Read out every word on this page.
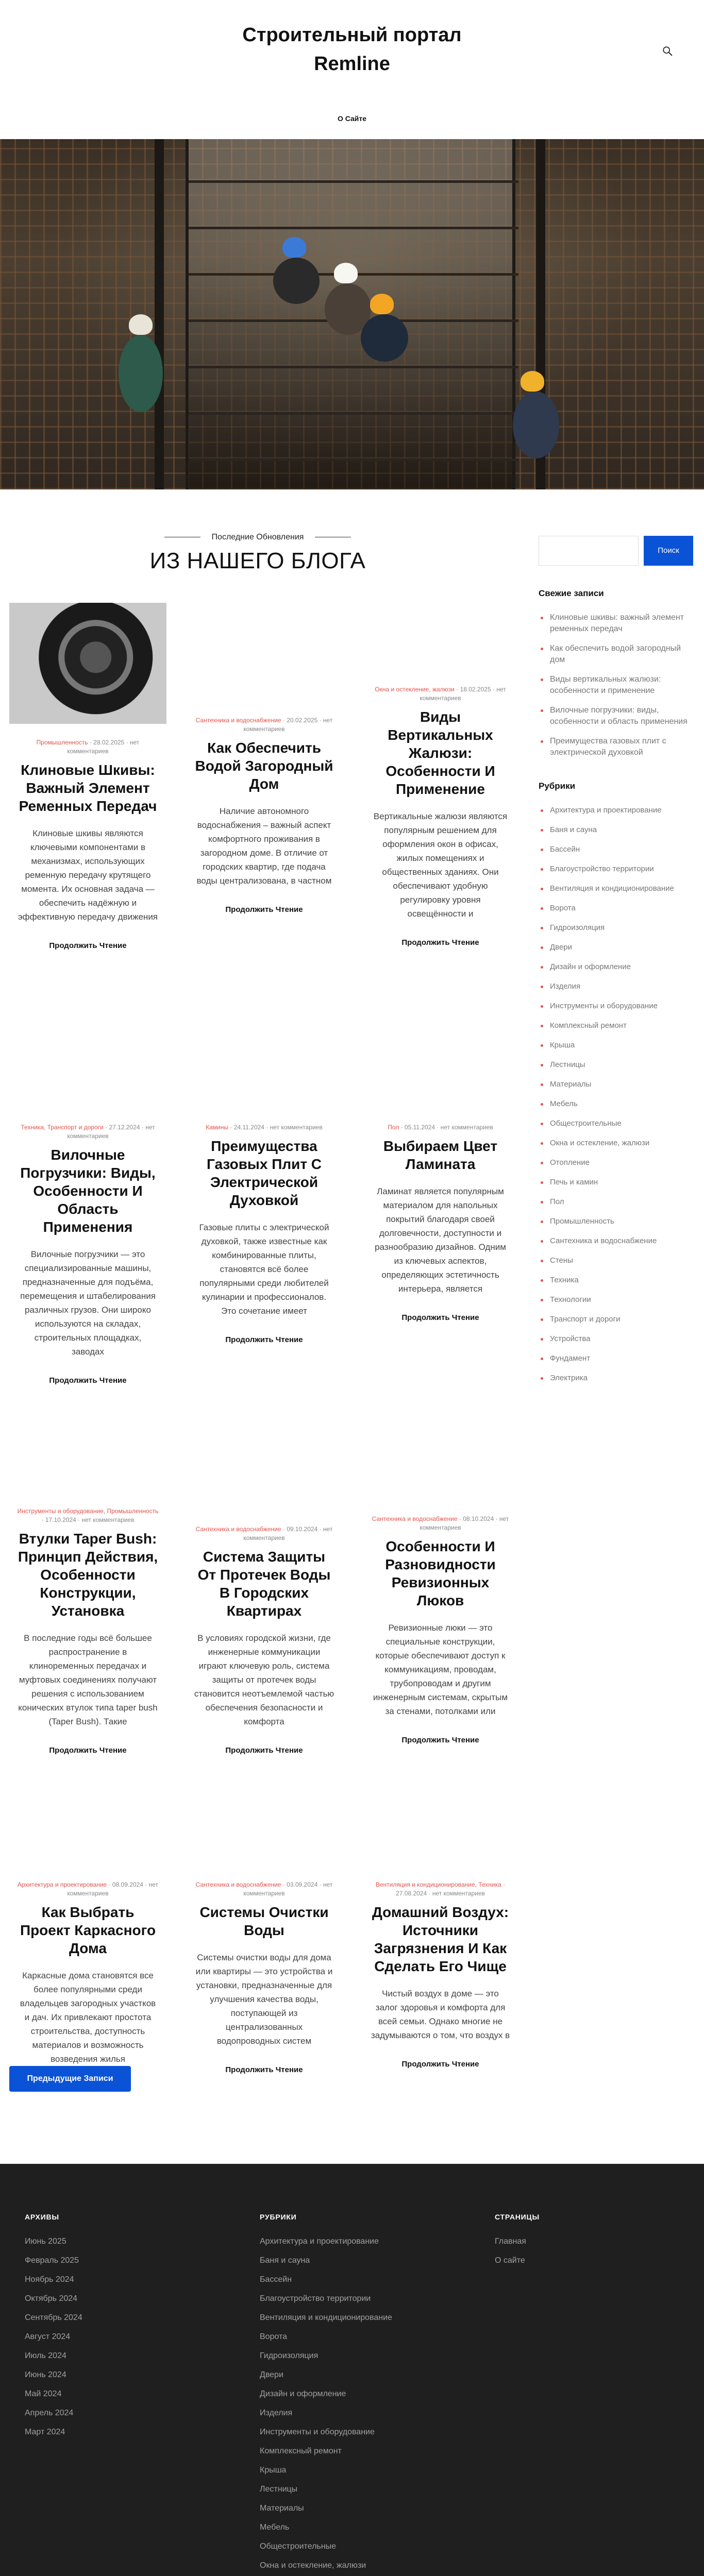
Строительный портал
Remline
О Сайте
Последние Обновления
ИЗ НАШЕГО БЛОГА
Промышленность · 28.02.2025 · нет комментариев
Клиновые Шкивы: Важный Элемент Ременных Передач

Клиновые шкивы являются ключевыми компонентами в механизмах, использующих ременную передачу крутящего момента. Их основная задача — обеспечить надёжную и эффективную передачу движения

Продолжить Чтение
Сантехника и водоснабжение · 20.02.2025 · нет комментариев
Как Обеспечить Водой Загородный Дом

Наличие автономного водоснабжения – важный аспект комфортного проживания в загородном доме. В отличие от городских квартир, где подача воды централизована, в частном

Продолжить Чтение
Окна и остекление, жалюзи · 18.02.2025 · нет комментариев
Виды Вертикальных Жалюзи: Особенности И Применение

Вертикальные жалюзи являются популярным решением для оформления окон в офисах, жилых помещениях и общественных зданиях. Они обеспечивают удобную регулировку уровня освещённости и

Продолжить Чтение
Техника, Транспорт и дороги · 27.12.2024 · нет комментариев
Вилочные Погрузчики: Виды, Особенности И Область Применения

Вилочные погрузчики — это специализированные машины, предназначенные для подъёма, перемещения и штабелирования различных грузов. Они широко используются на складах, строительных площадках, заводах

Продолжить Чтение
Камины · 24.11.2024 · нет комментариев
Преимущества Газовых Плит С Электрической Духовкой

Газовые плиты с электрической духовкой, также известные как комбинированные плиты, становятся всё более популярными среди любителей кулинарии и профессионалов. Это сочетание имеет

Продолжить Чтение
Пол · 05.11.2024 · нет комментариев
Выбираем Цвет Ламината

Ламинат является популярным материалом для напольных покрытий благодаря своей долговечности, доступности и разнообразию дизайнов. Одним из ключевых аспектов, определяющих эстетичность интерьера, является

Продолжить Чтение
Инструменты и оборудование, Промышленность · 17.10.2024 · нет комментариев
Втулки Taper Bush: Принцип Действия, Особенности Конструкции, Установка

В последние годы всё большее распространение в клиноременных передачах и муфтовых соединениях получают решения с использованием конических втулок типа taper bush (Taper Bush). Такие

Продолжить Чтение
Сантехника и водоснабжение · 09.10.2024 · нет комментариев
Система Защиты От Протечек Воды В Городских Квартирах

В условиях городской жизни, где инженерные коммуникации играют ключевую роль, система защиты от протечек воды становится неотъемлемой частью обеспечения безопасности и комфорта

Продолжить Чтение
Сантехника и водоснабжение · 08.10.2024 · нет комментариев
Особенности И Разновидности Ревизионных Люков

Ревизионные люки — это специальные конструкции, которые обеспечивают доступ к коммуникациям, проводам, трубопроводам и другим инженерным системам, скрытым за стенами, потолками или

Продолжить Чтение
Архитектура и проектирование · 08.09.2024 · нет комментариев
Как Выбрать Проект Каркасного Дома

Каркасные дома становятся все более популярными среди владельцев загородных участков и дач. Их привлекают простота строительства, доступность материалов и возможность возведения жилья

Сантехника и водоснабжение · 03.09.2024 · нет комментариев
Системы Очистки Воды

Системы очистки воды для дома или квартиры — это устройства и установки, предназначенные для улучшения качества воды, поступающей из централизованных водопроводных систем

Продолжить Чтение
Вентиляция и кондиционирование, Техника · 27.08.2024 · нет комментариев
Домашний Воздух: Источники Загрязнения И Как Сделать Его Чище

Чистый воздух в доме — это залог здоровья и комфорта для всей семьи. Однако многие не задумываются о том, что воздух в

Продолжить Чтение
Предыдущие Записи
Поиск
Свежие записи
Клиновые шкивы: важный элемент ременных передач
Как обеспечить водой загородный дом
Виды вертикальных жалюзи: особенности и применение
Вилочные погрузчики: виды, особенности и область применения
Преимущества газовых плит с электрической духовкой
Рубрики
Архитектура и проектирование
Баня и сауна
Бассейн
Благоустройство территории
Вентиляция и кондиционирование
Ворота
Гидроизоляция
Двери
Дизайн и оформление
Изделия
Инструменты и оборудование
Комплексный ремонт
Крыша
Лестницы
Материалы
Мебель
Общестроительные
Окна и остекление, жалюзи
Отопление
Печь и камин
Пол
Промышленность
Сантехника и водоснабжение
Стены
Техника
Технологии
Транспорт и дороги
Устройства
Фундамент
Электрика
АРХИВЫ
Июнь 2025
Февраль 2025
Ноябрь 2024
Октябрь 2024
Сентябрь 2024
Август 2024
Июль 2024
Июнь 2024
Май 2024
Апрель 2024
Март 2024
РУБРИКИ
Архитектура и проектирование
Баня и сауна
Бассейн
Благоустройство территории
Вентиляция и кондиционирование
Ворота
Гидроизоляция
Двери
Дизайн и оформление
Изделия
Инструменты и оборудование
Комплексный ремонт
Крыша
Лестницы
Материалы
Мебель
Общестроительные
Окна и остекление, жалюзи
СТРАНИЦЫ
Главная
О сайте
